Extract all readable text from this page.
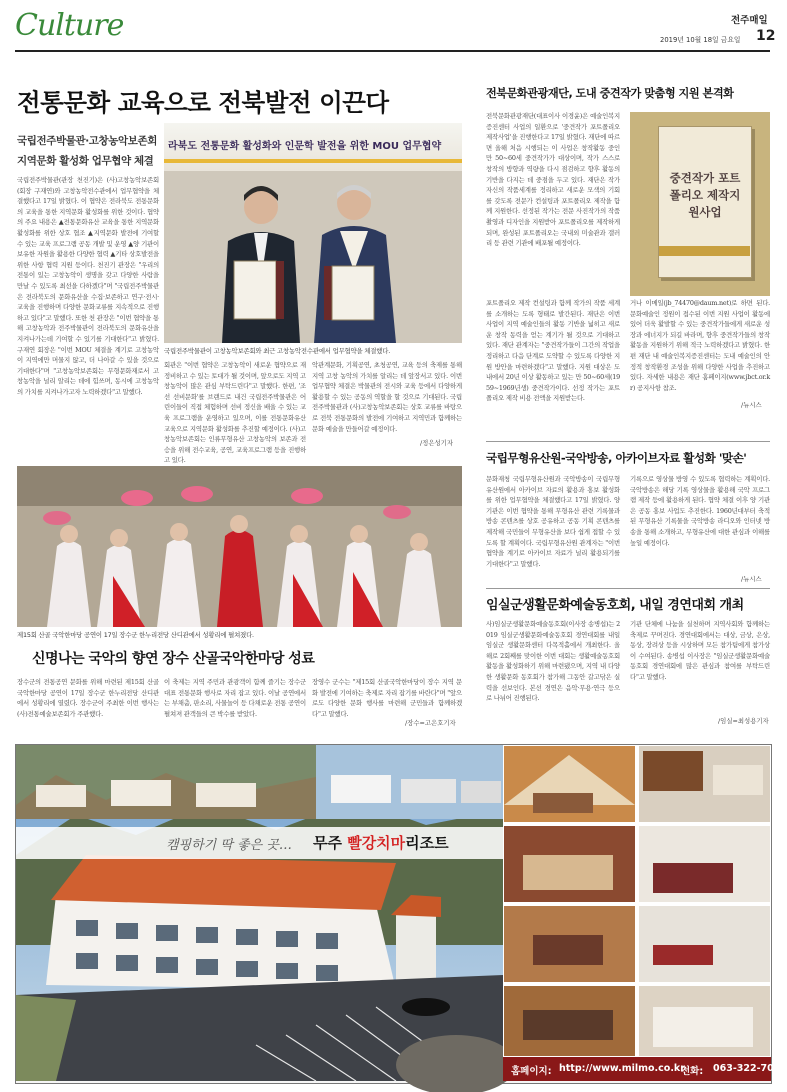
Culture	전주매일
2019년 10월 18일 금요일 12
전통문화 교육으로 전북발전 이끈다
국립전주박물관·고창농악보존회
지역문화 활성화 업무협약 체결
국립전주박물관(관장 천진기)은 (사)고창농악보존회(회장 구재연)와 고창농악전수관에서 업무협약을 체결했다고 17일 밝혔다. 이 협약은 전라북도 전통문화의 교육을 통한 지역문화 활성화를 위한 것이다. 협약의 주요 내용은 ▲전통문화유산 교육을 통한 지역문화 활성화를 위한 상호 협조 ▲지역문화 발전에 기여할 수 있는 교육 프로그램 공동 개발 및 운영 ▲양 기관이 보유한 자원을 활용한 다양한 협력 ▲기타 상호발전을 위한 사항 협력 지원 등이다. 천진기 관장은 "우리의 전통이 있는 고창농악이 생명을 갖고 다양한 사람을 만날 수 있도록 최선을 다하겠다"며 "국립전주박물관은 전라북도의 문화유산을 수집·보존하고 연구·전시·교육을 진행하며 다양한 문화교류를 지속적으로 진행하고 있다"고 말했다. 또한 천 관장은 "이번 협약을 통해 고창농악과 전주박물관이 전라북도의 문화유산을 지켜나가는데 기여할 수 있기를 기대한다"고 밝혔다. 구재연 회장은 "이번 MOU 체결을 계기로 고창농악이 지역에만 머물지 않고, 더 나아갈 수 있을 것으로 기대한다"며 "고창농악보존회는 무형문화재로서 고창농악을 널리 알리는 데에 힘쓰며, 동시에 고창농악의 가치를 지켜나가고자 노력하겠다"고 말했다.
라북도 전통문화 활성화와 인문학 발전을 위한 MOU 업무협약
국립전주박물관이 고창농악보존회와 최근 고창농악전수관에서 업무협약을 체결했다.
회관은 "이번 협약은 고창농악이 새로운 협약으로 재정비하고 수 있는 토대가 될 것이며, 앞으로도 지역 고창농악이 많은 관심 부탁드린다"고 말했다. 한편, '조선 선비문화'를 브랜드로 내건 국립전주박물관은 어린이들이 직접 체험하며 선비 정신을 배울 수 있는 교육 프로그램을 운영하고 있으며, 이를 전통문화유산 교육으로 지역문화 활성화를 추진할 예정이다. (사)고창농악보존회는 인류무형유산 고창농악의 보존과 전승을 위해 전수교육, 공연, 교육프로그램 등을 진행하고 있다.
악관계문화, 기획공연, 초청공연, 교육 등의 축제를 통해 지역 고창 농악의 가치를 알리는 데 앞장서고 있다. 이번 업무협약 체결은 박물관의 전시와 교육 등에서 다양하게 활용할 수 있는 공동의 역할을 할 것으로 기대된다. 국립전주박물관과 (사)고창농악보존회는 상호 교류를 바탕으로 전북 전통문화의 발전에 기여하고 지역민과 함께하는 문화 예술을 만들어갈 예정이다.
/정은성기자
전북문화관광재단, 도내 중견작가 맞춤형 지원 본격화
전북문화관광재단(대표이사 이경윤)은 예술인복지증진센터 사업의 일환으로 '중견작가 포트폴리오 제작사업'을 진행한다고 17일 밝혔다. 재단에 따르면 올해 처음 시행되는 이 사업은 창작활동 중인 만 50~60세 중견작가가 대상이며, 작가 스스로 창작의 방향과 역량을 다시 점검하고 향후 활동의 기반을 다지는 데 중점을 두고 있다. 재단은 작가 자신의 작품세계를 정리하고 새로운 모색의 기회를 갖도록 전문가 컨설팅과 포트폴리오 제작을 함께 지원한다. 선정된 작가는 전문 사진작가의 작품 촬영과 디자인을 지원받아 포트폴리오를 제작하게 되며, 완성된 포트폴리오는 국내외 미술관과 갤러리 등 관련 기관에 배포될 예정이다.
중견작가 포트폴리오 제작지원사업
포트폴리오 제작 컨설팅과 함께 작가의 작품 세계를 소개하는 도록 형태로 발간된다. 재단은 이번 사업이 지역 예술인들의 활동 기반을 넓히고 새로운 창작 동력을 얻는 계기가 될 것으로 기대하고 있다. 재단 관계자는 "중견작가들이 그간의 작업을 정리하고 다음 단계로 도약할 수 있도록 다양한 지원 방안을 마련하겠다"고 말했다. 지원 대상은 도내에서 20년 이상 활동하고 있는 만 50~60세(1959~1969년생) 중견작가이다. 선정 작가는 포트폴리오 제작 비용 전액을 지원받는다.
거나 이메일(jb_74470@daum.net)로 하면 된다. 문화예술인 정원이 접수된 이번 지원 사업이 활동에 있어 더욱 활발할 수 있는 중견작가들에게 새로운 성장과 에너지가 되길 바라며, 향후 중견작가들의 창작활동을 지원하기 위해 적극 노력하겠다고 밝혔다. 한편 재단 내 예술인복지증진센터는 도내 예술인의 안정적 창작환경 조성을 위해 다양한 사업을 추진하고 있다. 자세한 내용은 재단 홈페이지(www.jbct.or.kr) 공지사항 참조.
/뉴시스
국립무형유산원-국악방송, 아카이브자료 활성화 '맞손'
문화재청 국립무형유산원과 국악방송이 국립무형유산원에서 아카이브 자료의 활용과 홍보 활성화를 위한 업무협약을 체결했다고 17일 밝혔다. 양 기관은 이번 협약을 통해 무형유산 관련 기록물과 방송 콘텐츠를 상호 공유하고 공동 기획 콘텐츠를 제작해 국민들이 무형유산을 보다 쉽게 접할 수 있도록 할 계획이다. 국립무형유산원 관계자는 "이번 협약을 계기로 아카이브 자료가 널리 활용되기를 기대한다"고 말했다.
기록으로 영상물 방영 수 있도록 협력하는 계획이다. 국악방송은 해당 기록 영상물을 활용해 국악 프로그램 제작 등에 활용하게 된다. 협약 체결 이후 양 기관은 공동 홍보 사업도 추진한다. 1960년대부터 축적된 무형유산 기록물을 국악방송 라디오와 인터넷 방송을 통해 소개하고, 무형유산에 대한 관심과 이해를 높일 예정이다.
/뉴시스
임실군생활문화예술동호회, 내일 경연대회 개최
사)임실군생활문화예술동호회(이사장 송병섭)는 2019 임실군생활문화예술동호회 경연대회를 내일 임실군 생활문화센터 다목적홀에서 개최한다. 올해로 2회째를 맞이한 이번 대회는 생활예술동호회 활동을 활성화하기 위해 마련됐으며, 지역 내 다양한 생활문화 동호회가 참가해 그동안 갈고닦은 실력을 선보인다. 본선 경연은 음악·무용·연극 등으로 나뉘어 진행된다.
기관 단체에 나눔을 실천하며 지역사회와 함께하는 축제로 꾸며진다. 경연대회에서는 대상, 금상, 은상, 동상, 장려상 등을 시상하며 모든 참가팀에게 참가상이 수여된다. 송병섭 이사장은 "임실군생활문화예술동호회 경연대회에 많은 관심과 참여를 부탁드린다"고 말했다.
/임실=최성용기자
제15회 산골 국악한마당 공연이 17일 장수군 한누리전당 산디관에서 성황리에 펼쳐졌다.
신명나는 국악의 향연 장수 산골국악한마당 성료
장수군의 전통공연 문화를 위해 마련된 제15회 산골국악한마당 공연이 17일 장수군 한누리전당 산디관에서 성황리에 열렸다. 장수군이 주최한 이번 행사는 (사)전통예술보존회가 주관했다.
이 축제는 지역 주민과 관광객이 함께 즐기는 장수군 대표 전통문화 행사로 자리 잡고 있다. 이날 공연에서는 부채춤, 판소리, 사물놀이 등 다채로운 전통 공연이 펼쳐져 관객들의 큰 박수를 받았다.
장영수 군수는 "제15회 산골국악한마당이 장수 지역 문화 발전에 기여하는 축제로 자리 잡기를 바란다"며 "앞으로도 다양한 문화 행사를 마련해 군민들과 함께하겠다"고 말했다.
/장수=고은호기자
캠핑하기 딱 좋은 곳… 무주 빨강치마리조트
홈페이지: http://www.milmo.co.kr
전화: 063-322-7000
